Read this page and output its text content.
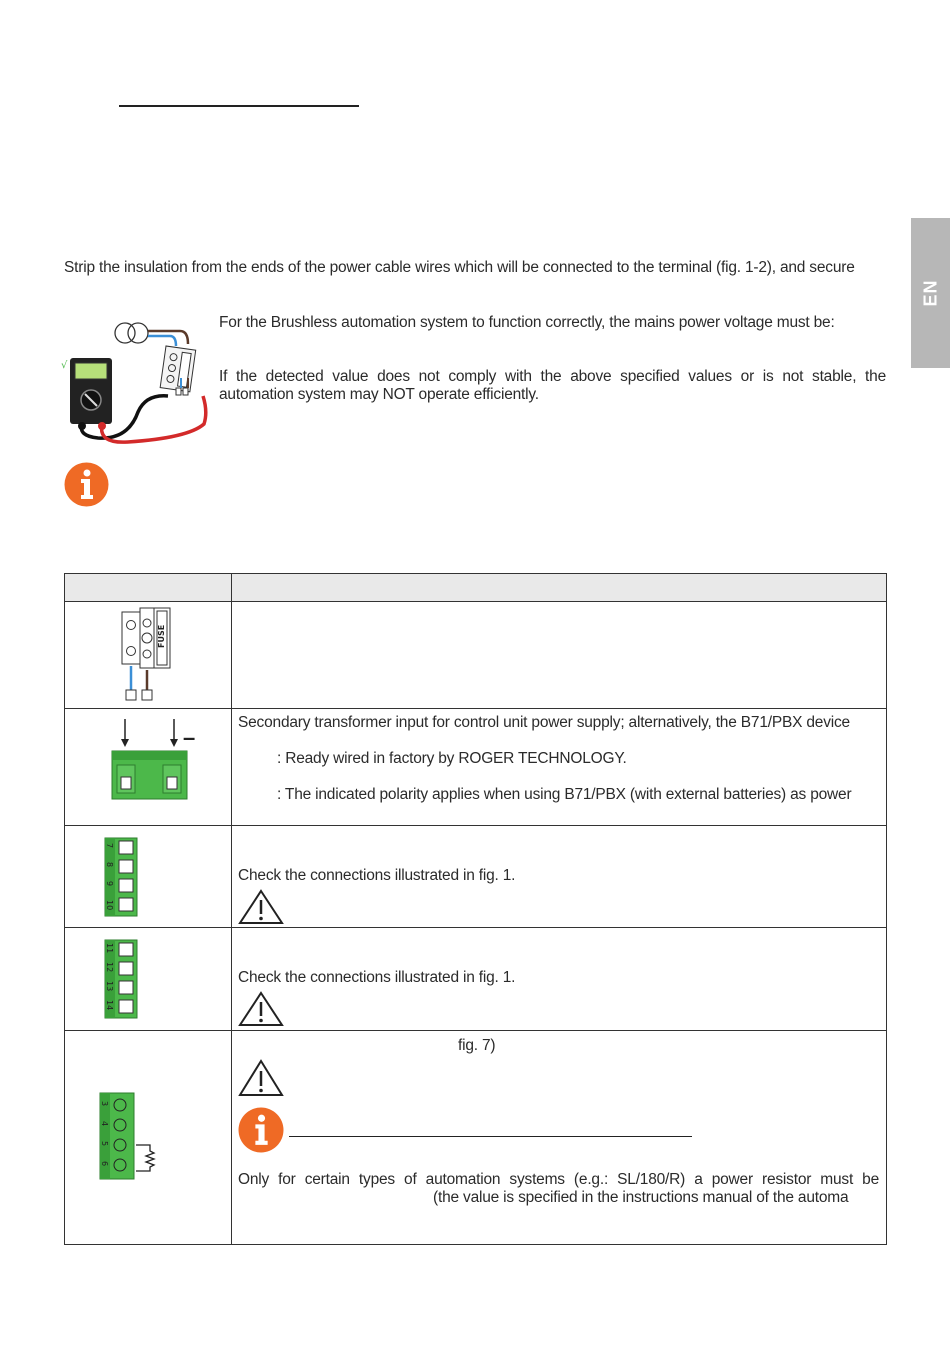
EN
Strip the insulation from the ends of the power cable wires which will be connected to the terminal (fig. 1-2), and secure
√
For the Brushless automation system to function correctly, the mains power voltage must be:
If the detected value does not comply with the above specified values or is not stable, the automation system may NOT operate efficiently.

FUSE	

–	Secondary transformer input for control unit power supply; alternatively, the B71/PBX device
: Ready wired in factory by ROGER TECHNOLOGY.
: The indicated polarity applies when using B71/PBX (with external batteries) as power

7
8
9
10	Check the connections illustrated in fig. 1.

11
12
13
14	Check the connections illustrated in fig. 1.

3
4
5
6	fig. 7)
Only for certain types of automation systems (e.g.: SL/180/R) a power resistor must be
(the value is specified in the instructions manual of the automa
